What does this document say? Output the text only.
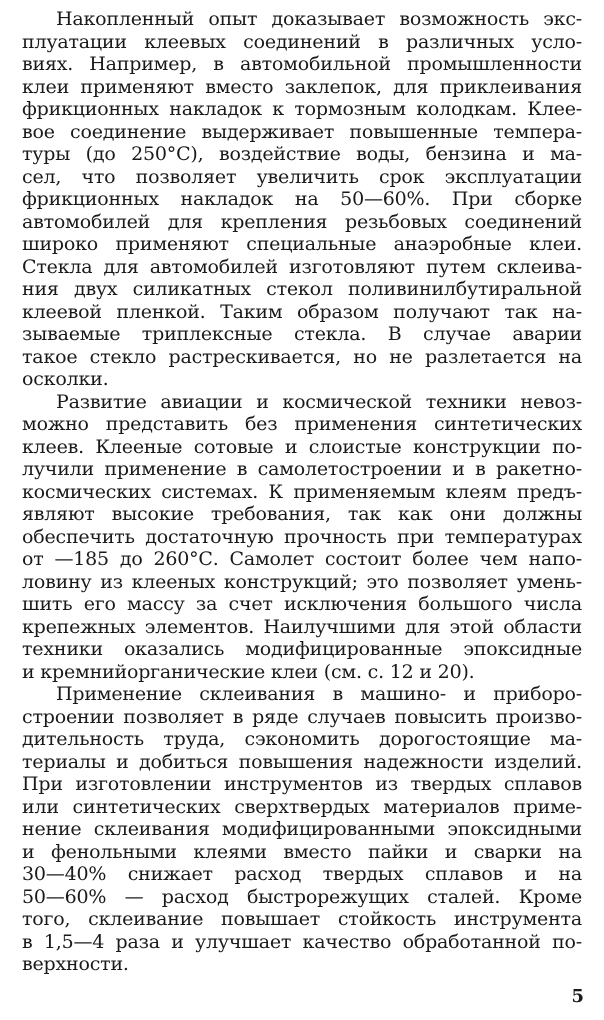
Накопленный опыт доказывает возможность экс-
плуатации клеевых соединений в различных усло-
виях. Например, в автомобильной промышленности
клеи применяют вместо заклепок, для приклеивания
фрикционных накладок к тормозным колодкам. Клее-
вое соединение выдерживает повышенные темпера-
туры (до 250°С), воздействие воды, бензина и ма-
сел, что позволяет увеличить срок эксплуатации
фрикционных накладок на 50—60%. При сборке
автомобилей для крепления резьбовых соединений
широко применяют специальные анаэробные клеи.
Стекла для автомобилей изготовляют путем склеива-
ния двух силикатных стекол поливинилбутиральной
клеевой пленкой. Таким образом получают так на-
зываемые триплексные стекла. В случае аварии
такое стекло растрескивается, но не разлетается на
осколки.
Развитие авиации и космической техники невоз-
можно представить без применения синтетических
клеев. Клееные сотовые и слоистые конструкции по-
лучили применение в самолетостроении и в ракетно-
космических системах. К применяемым клеям предъ-
являют высокие требования, так как они должны
обеспечить достаточную прочность при температурах
от —185 до 260°С. Самолет состоит более чем напо-
ловину из клееных конструкций; это позволяет умень-
шить его массу за счет исключения большого числа
крепежных элементов. Наилучшими для этой области
техники оказались модифицированные эпоксидные
и кремнийорганические клеи (см. с. 12 и 20).
Применение склеивания в машино- и приборо-
строении позволяет в ряде случаев повысить произво-
дительность труда, сэкономить дорогостоящие ма-
териалы и добиться повышения надежности изделий.
При изготовлении инструментов из твердых сплавов
или синтетических сверхтвердых материалов приме-
нение склеивания модифицированными эпоксидными
и фенольными клеями вместо пайки и сварки на
30—40% снижает расход твердых сплавов и на
50—60% — расход быстрорежущих сталей. Кроме
того, склеивание повышает стойкость инструмента
в 1,5—4 раза и улучшает качество обработанной по-
верхности.
5
